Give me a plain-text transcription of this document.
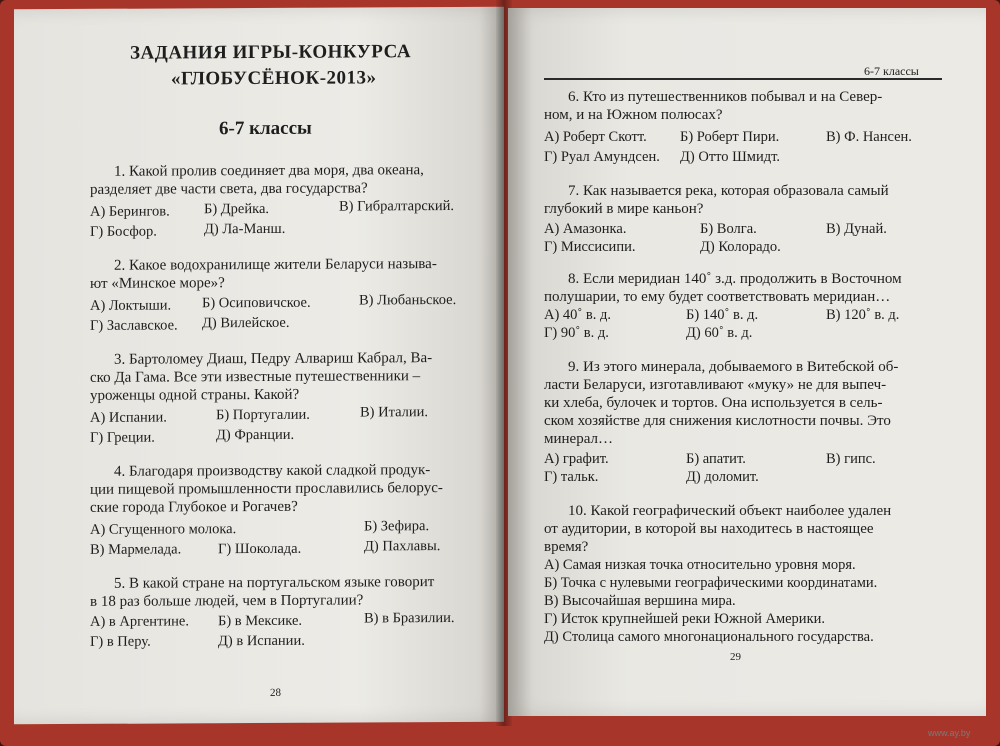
ЗАДАНИЯ ИГРЫ-КОНКУРСА
«ГЛОБУСЁНОК-2013»
6-7 классы
1. Какой пролив соединяет два моря, два океана,
разделяет две части света, два государства?
А) Берингов. Б) Дрейка.	В) Гибралтарский.
Г) Босфор.	Д) Ла-Манш.
2. Какое водохранилище жители Беларуси называ-
ют «Минское море»?
А) Локтыши. Б) Осиповичское.	В) Любаньское.
Г) Заславское. Д) Вилейское.
3. Бартоломеу Диаш, Педру Алвариш Кабрал, Ва-
ско Да Гама. Все эти известные путешественники –
уроженцы одной страны. Какой?
А) Испании.	Б) Португалии.	В) Италии.
Г) Греции.	Д) Франции.
4. Благодаря производству какой сладкой продук-
ции пищевой промышленности прославились белорус-
ские города Глубокое и Рогачев?
А) Сгущенного молока.	Б) Зефира.
В) Мармелада.	Г) Шоколада.	Д) Пахлавы.
5. В какой стране на португальском языке говорит
в 18 раз больше людей, чем в Португалии?
А) в Аргентине. Б) в Мексике.	В) в Бразилии.
Г) в Перу.	Д) в Испании.
28
6-7 классы
6. Кто из путешественников побывал и на Север-
ном, и на Южном полюсах?
А) Роберт Скотт. Б) Роберт Пири.	В) Ф. Нансен.
Г) Руал Амундсен. Д) Отто Шмидт.
7. Как называется река, которая образовала самый
глубокий в мире каньон?
А) Амазонка.	Б) Волга.	В) Дунай.
Г) Миссисипи.	Д) Колорадо.
8. Если меридиан 140˚ з.д. продолжить в Восточном
полушарии, то ему будет соответствовать меридиан…
А) 40˚ в. д.	Б) 140˚ в. д.	В) 120˚ в. д.
Г) 90˚ в. д.	Д) 60˚ в. д.
9. Из этого минерала, добываемого в Витебской об-
ласти Беларуси, изготавливают «муку» не для выпеч-
ки хлеба, булочек и тортов. Она используется в сель-
ском хозяйстве для снижения кислотности почвы. Это
минерал…
А) графит.	Б) апатит.	В) гипс.
Г) тальк.	Д) доломит.
10. Какой географический объект наиболее удален
от аудитории, в которой вы находитесь в настоящее
время?
А) Самая низкая точка относительно уровня моря.
Б) Точка с нулевыми географическими координатами.
В) Высочайшая вершина мира.
Г) Исток крупнейшей реки Южной Америки.
Д) Столица самого многонационального государства.
29
www.ay.by
